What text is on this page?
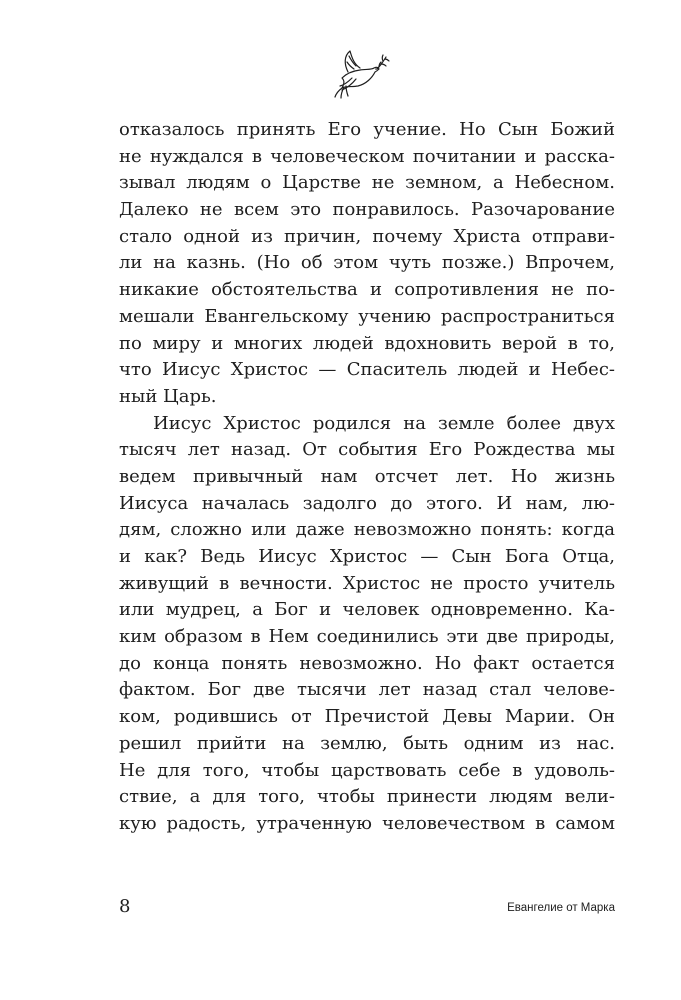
отказалось принять Его учение. Но Сын Божий
не нуждался в человеческом почитании и расска-
зывал людям о Царстве не земном, а Небесном.
Далеко не всем это понравилось. Разочарование
стало одной из причин, почему Христа отправи-
ли на казнь. (Но об этом чуть позже.) Впрочем,
никакие обстоятельства и сопротивления не по-
мешали Евангельскому учению распространиться
по миру и многих людей вдохновить верой в то,
что Иисус Христос — Спаситель людей и Небес-
ный Царь.
Иисус Христос родился на земле более двух
тысяч лет назад. От события Его Рождества мы
ведем привычный нам отсчет лет. Но жизнь
Иисуса началась задолго до этого. И нам, лю-
дям, сложно или даже невозможно понять: когда
и как? Ведь Иисус Христос — Сын Бога Отца,
живущий в вечности. Христос не просто учитель
или мудрец, а Бог и человек одновременно. Ка-
ким образом в Нем соединились эти две природы,
до конца понять невозможно. Но факт остается
фактом. Бог две тысячи лет назад стал челове-
ком, родившись от Пречистой Девы Марии. Он
решил прийти на землю, быть одним из нас.
Не для того, чтобы царствовать себе в удоволь-
ствие, а для того, чтобы принести людям вели-
кую радость, утраченную человечеством в самом
8	Евангелие от Марка
